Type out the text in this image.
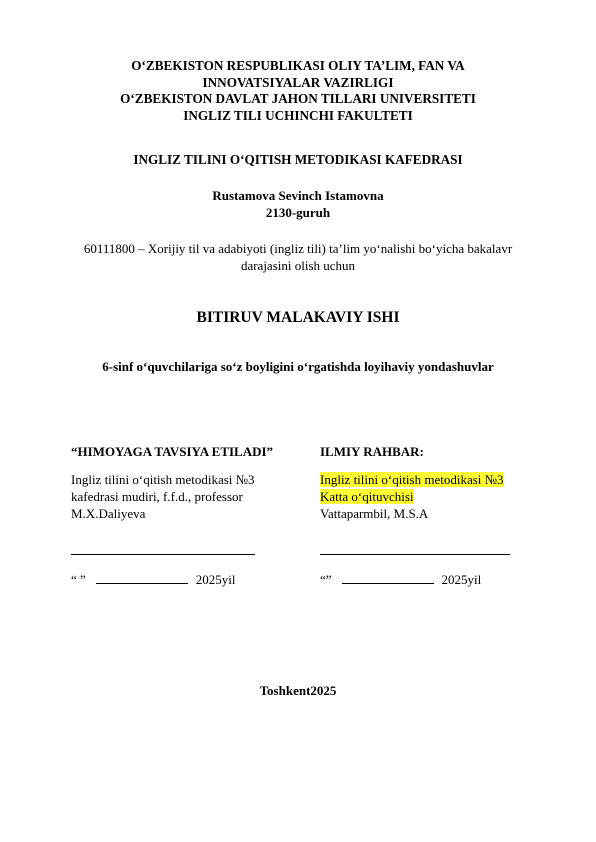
O‘ZBEKISTON RESPUBLIKASI OLIY TA’LIM, FAN VA
INNOVATSIYALAR VAZIRLIGI
O‘ZBEKISTON DAVLAT JAHON TILLARI UNIVERSITETI
INGLIZ TILI UCHINCHI FAKULTETI
INGLIZ TILINI O‘QITISH METODIKASI KAFEDRASI
Rustamova Sevinch Istamovna
2130-guruh
60111800 – Xorijiy til va adabiyoti (ingliz tili) ta’lim yo‘nalishi bo‘yicha bakalavr
darajasini olish uchun
BITIRUV MALAKAVIY ISHI
6-sinf o‘quvchilariga so‘z boyligini o‘rgatishda loyihaviy yondashuvlar
“HIMOYAGA TAVSIYA ETILADI”
Ingliz tilini o‘qitish metodikasi №3
kafedrasi mudiri, f.f.d., professor
M.X.Daliyeva
“ ”	2025yil
ILMIY RAHBAR:
Ingliz tilini o‘qitish metodikasi №3
Katta o‘qituvchisi
Vattaparmbil, M.S.A
“”	2025yil
Toshkent2025
